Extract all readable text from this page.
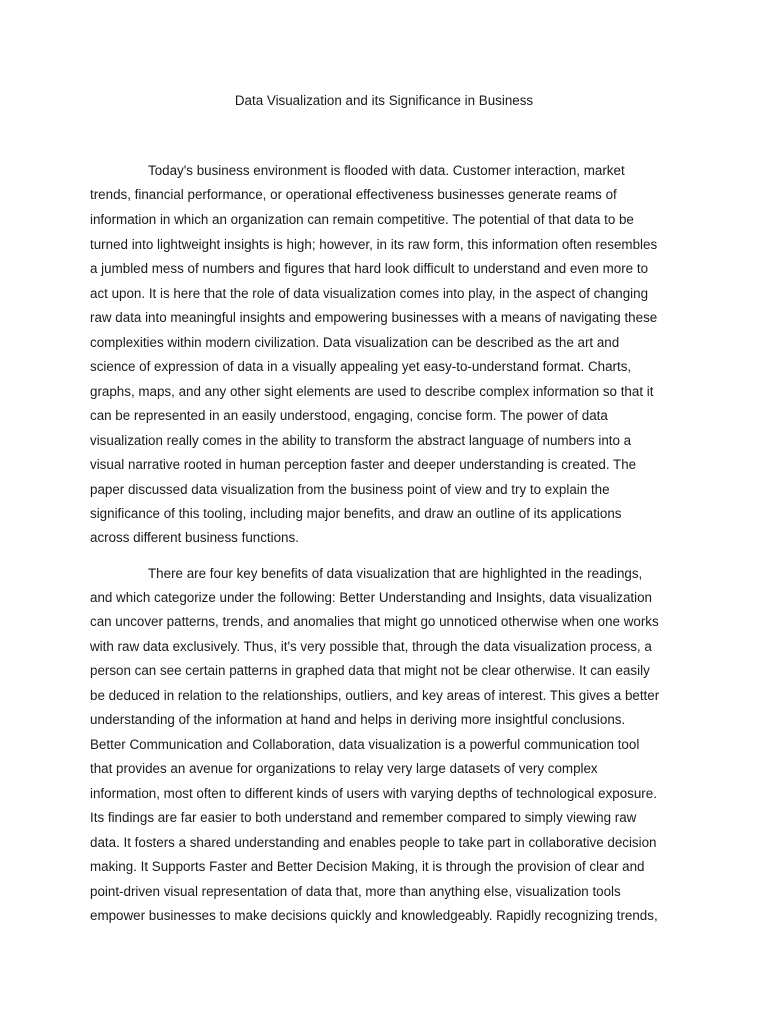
Data Visualization and its Significance in Business
Today's business environment is flooded with data. Customer interaction, market
trends, financial performance, or operational effectiveness businesses generate reams of
information in which an organization can remain competitive. The potential of that data to be
turned into lightweight insights is high; however, in its raw form, this information often resembles
a jumbled mess of numbers and figures that hard look difficult to understand and even more to
act upon. It is here that the role of data visualization comes into play, in the aspect of changing
raw data into meaningful insights and empowering businesses with a means of navigating these
complexities within modern civilization. Data visualization can be described as the art and
science of expression of data in a visually appealing yet easy-to-understand format. Charts,
graphs, maps, and any other sight elements are used to describe complex information so that it
can be represented in an easily understood, engaging, concise form. The power of data
visualization really comes in the ability to transform the abstract language of numbers into a
visual narrative rooted in human perception faster and deeper understanding is created. The
paper discussed data visualization from the business point of view and try to explain the
significance of this tooling, including major benefits, and draw an outline of its applications
across different business functions.
There are four key benefits of data visualization that are highlighted in the readings,
and which categorize under the following: Better Understanding and Insights, data visualization
can uncover patterns, trends, and anomalies that might go unnoticed otherwise when one works
with raw data exclusively. Thus, it's very possible that, through the data visualization process, a
person can see certain patterns in graphed data that might not be clear otherwise. It can easily
be deduced in relation to the relationships, outliers, and key areas of interest. This gives a better
understanding of the information at hand and helps in deriving more insightful conclusions.
Better Communication and Collaboration, data visualization is a powerful communication tool
that provides an avenue for organizations to relay very large datasets of very complex
information, most often to different kinds of users with varying depths of technological exposure.
Its findings are far easier to both understand and remember compared to simply viewing raw
data. It fosters a shared understanding and enables people to take part in collaborative decision
making. It Supports Faster and Better Decision Making, it is through the provision of clear and
point-driven visual representation of data that, more than anything else, visualization tools
empower businesses to make decisions quickly and knowledgeably. Rapidly recognizing trends,
